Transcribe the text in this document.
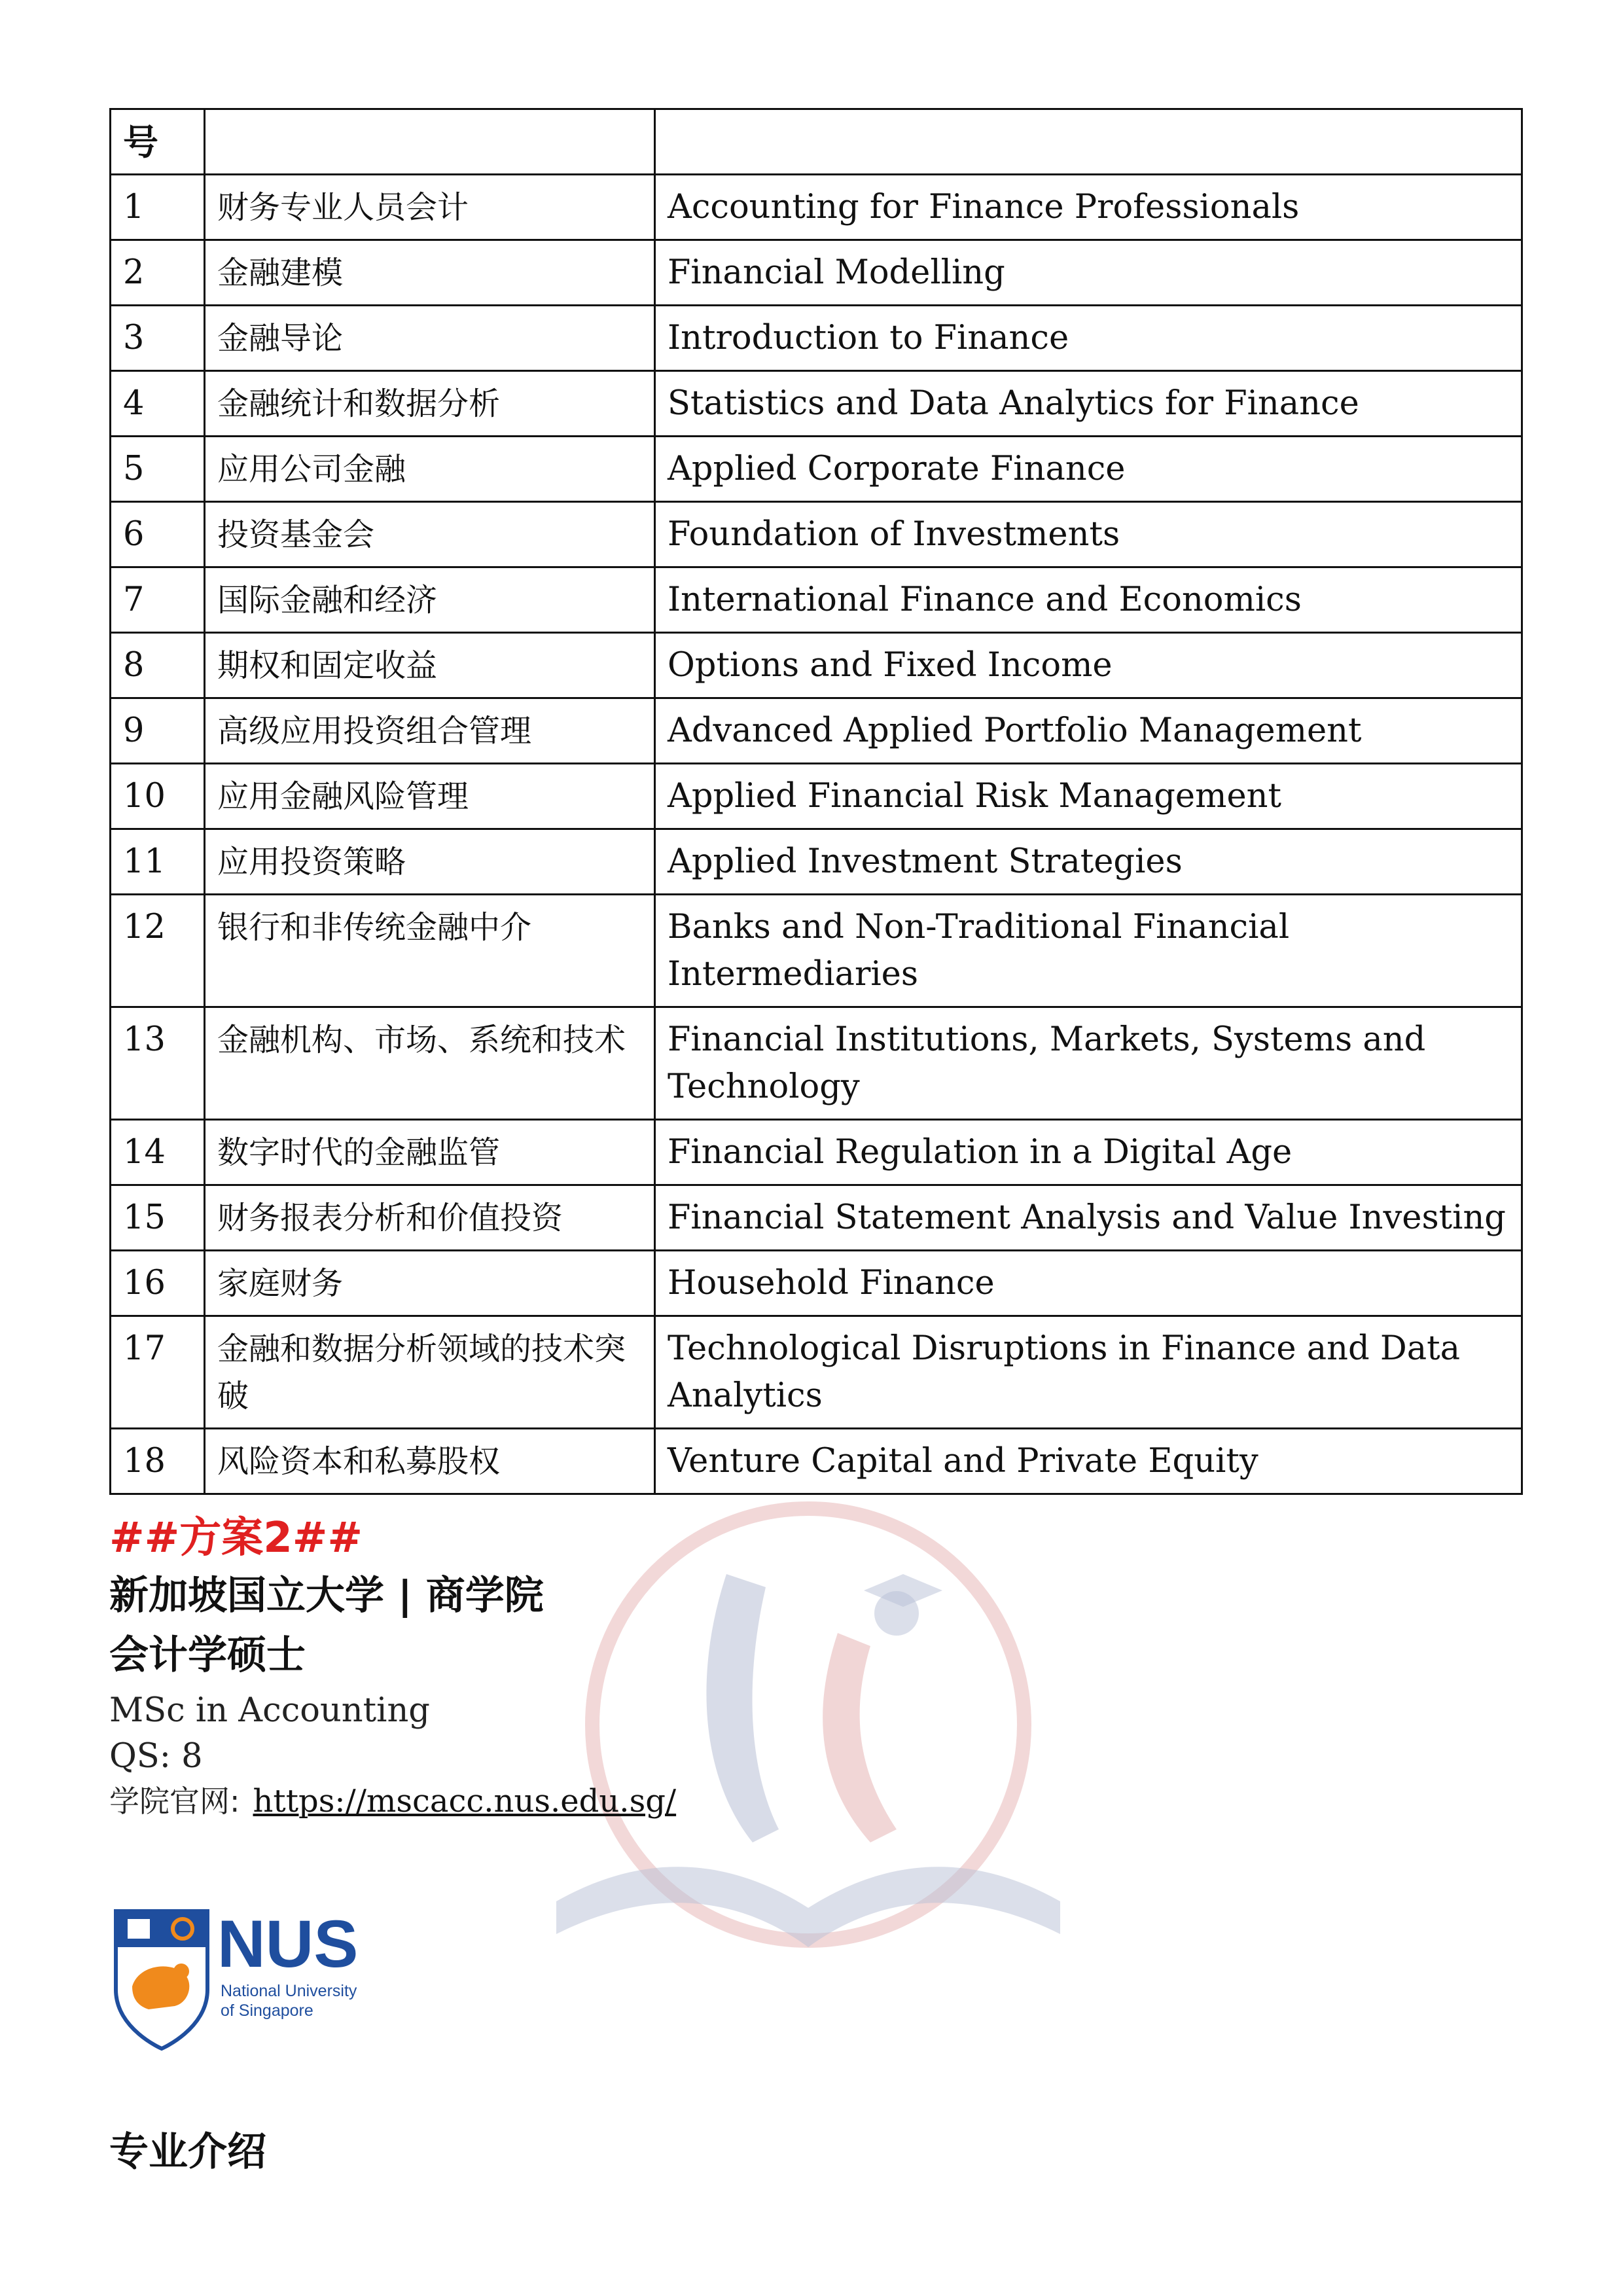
号		
1	财务专业人员会计	Accounting for Finance Professionals
2	金融建模	Financial Modelling
3	金融导论	Introduction to Finance
4	金融统计和数据分析	Statistics and Data Analytics for Finance
5	应用公司金融	Applied Corporate Finance
6	投资基金会	Foundation of Investments
7	国际金融和经济	International Finance and Economics
8	期权和固定收益	Options and Fixed Income
9	高级应用投资组合管理	Advanced Applied Portfolio Management
10	应用金融风险管理	Applied Financial Risk Management
11	应用投资策略	Applied Investment Strategies
12	银行和非传统金融中介	Banks and Non-Traditional Financial Intermediaries
13	金融机构、市场、系统和技术	Financial Institutions, Markets, Systems and Technology
14	数字时代的金融监管	Financial Regulation in a Digital Age
15	财务报表分析和价值投资	Financial Statement Analysis and Value Investing
16	家庭财务	Household Finance
17	金融和数据分析领域的技术突破	Technological Disruptions in Finance and Data Analytics
18	风险资本和私募股权	Venture Capital and Private Equity
##方案2##
新加坡国立大学 | 商学院
会计学硕士

MSc in Accounting

QS: 8

学院官网: https://mscacc.nus.edu.sg/

NUS
National University
of Singapore
专业介绍
